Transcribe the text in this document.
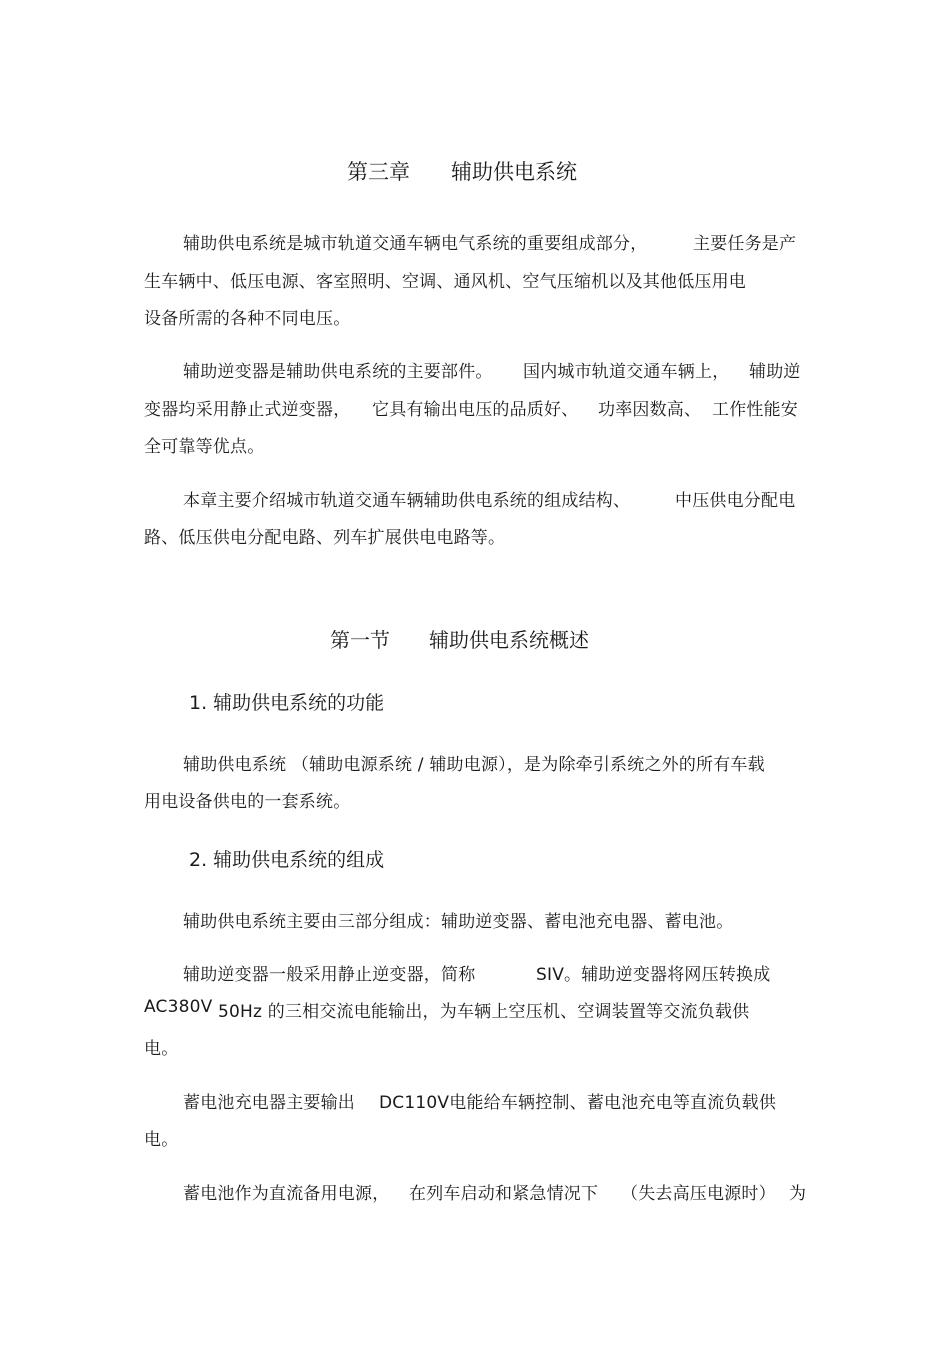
第三章 辅助供电系统
辅助供电系统是城市轨道交通车辆电气系统的重要组成部分，	主要任务是产
生车辆中、低压电源、客室照明、空调、通风机、空气压缩机以及其他低压用电
设备所需的各种不同电压。
辅助逆变器是辅助供电系统的主要部件。 国内城市轨道交通车辆上， 辅助逆
变器均采用静止式逆变器， 它具有输出电压的品质好、 功率因数高、 工作性能安
全可靠等优点。
本章主要介绍城市轨道交通车辆辅助供电系统的组成结构、	中压供电分配电
路、低压供电分配电路、列车扩展供电电路等。
第一节 辅助供电系统概述
1. 辅助供电系统的功能
辅助供电系统 （辅助电源系统 / 辅助电源），是为除牵引系统之外的所有车载
用电设备供电的一套系统。
2. 辅助供电系统的组成
辅助供电系统主要由三部分组成：辅助逆变器、蓄电池充电器、蓄电池。
辅助逆变器一般采用静止逆变器，简称	SIV。辅助逆变器将网压转换成
AC380V 50Hz 的三相交流电能输出，为车辆上空压机、空调装置等交流负载供
电。
蓄电池充电器主要输出 DC110V电能给车辆控制、蓄电池充电等直流负载供
电。
蓄电池作为直流备用电源， 在列车启动和紧急情况下 （失去高压电源时） 为
